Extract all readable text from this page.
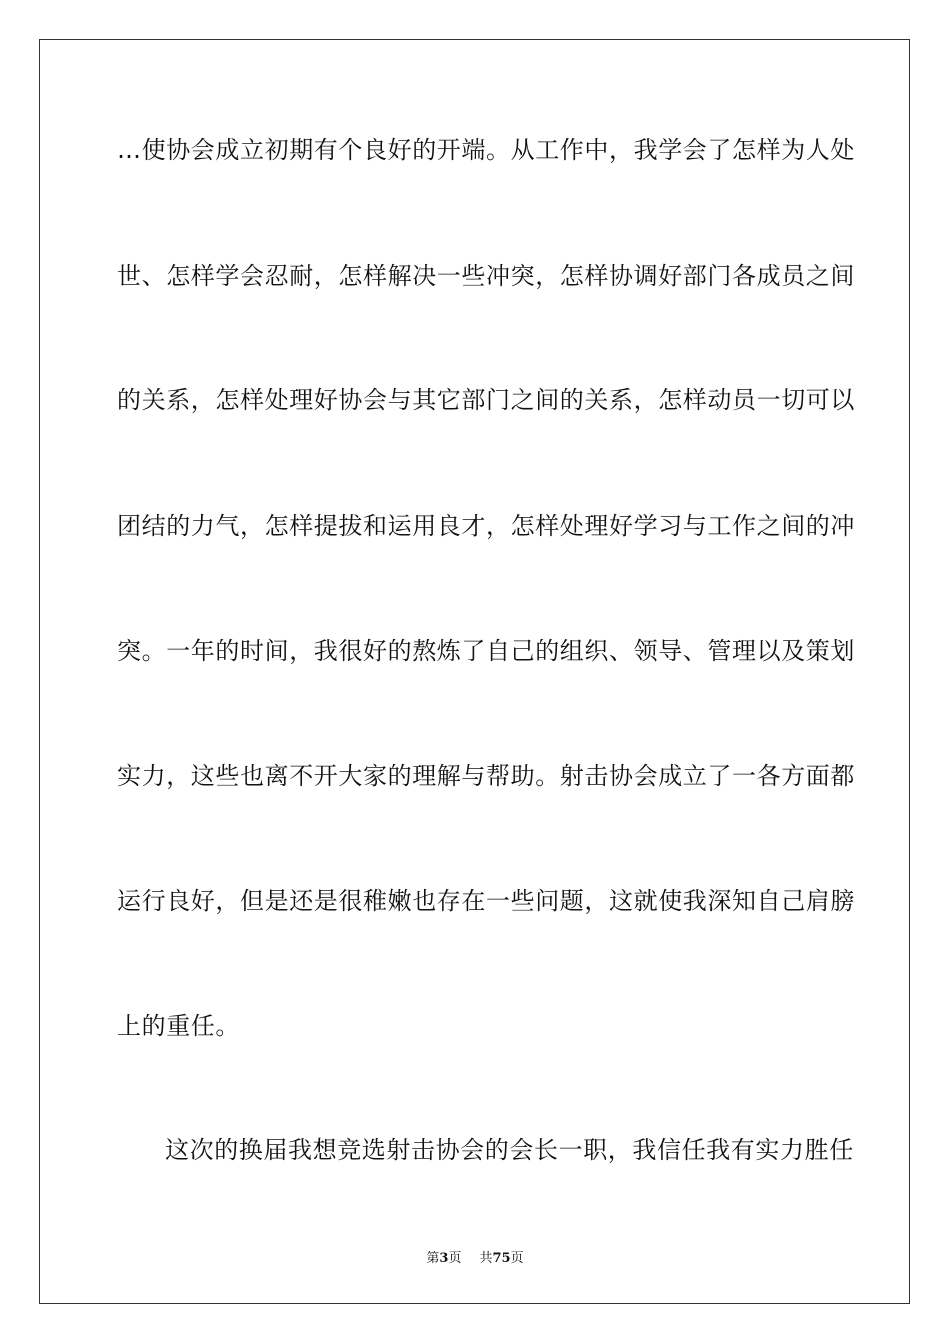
…使协会成立初期有个良好的开端。从工作中，我学会了怎样为人处
世、怎样学会忍耐，怎样解决一些冲突，怎样协调好部门各成员之间
的关系，怎样处理好协会与其它部门之间的关系，怎样动员一切可以
团结的力气，怎样提拔和运用良才，怎样处理好学习与工作之间的冲
突。一年的时间，我很好的熬炼了自己的组织、领导、管理以及策划
实力，这些也离不开大家的理解与帮助。射击协会成立了一各方面都
运行良好，但是还是很稚嫩也存在一些问题，这就使我深知自己肩膀
上的重任。
这次的换届我想竞选射击协会的会长一职，我信任我有实力胜任
第3页 共75页
